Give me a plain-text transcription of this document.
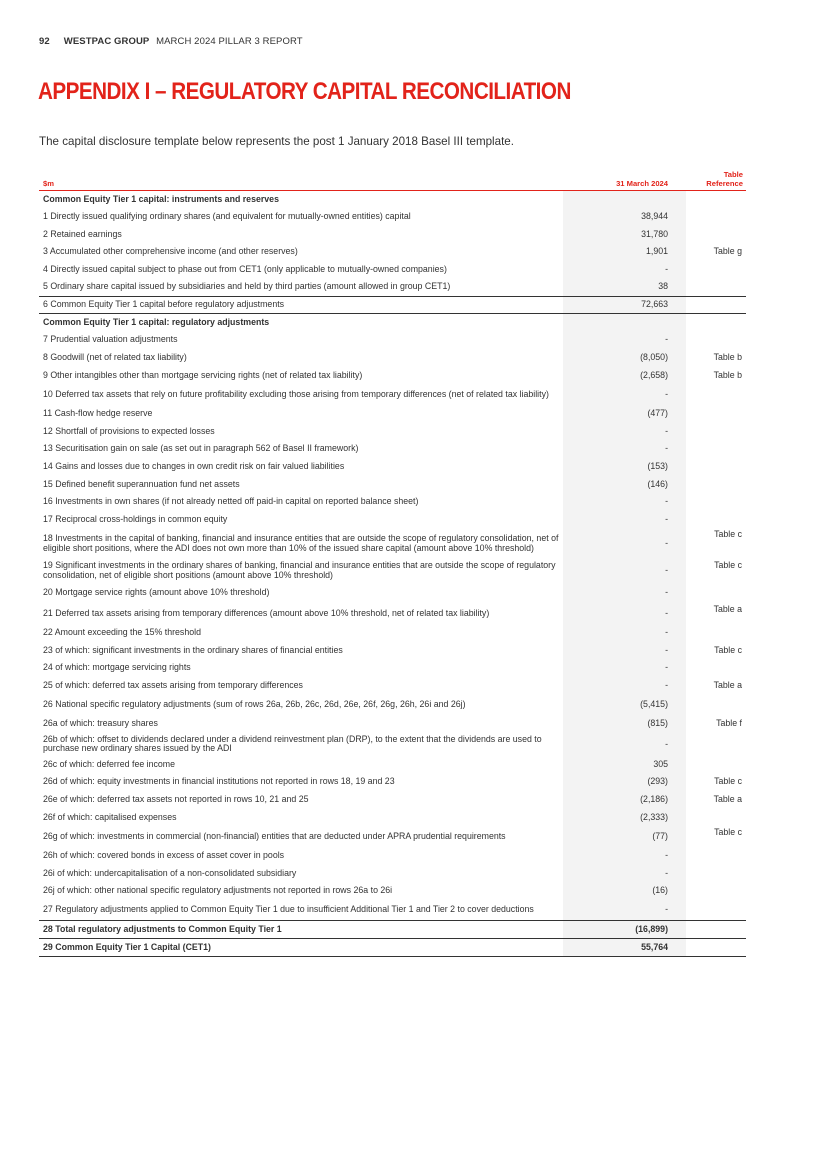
92 WESTPAC GROUP MARCH 2024 PILLAR 3 REPORT
APPENDIX I – REGULATORY CAPITAL RECONCILIATION
The capital disclosure template below represents the post 1 January 2018 Basel III template.
$m	31 March 2024	Table
Reference
Common Equity Tier 1 capital: instruments and reserves		
1 Directly issued qualifying ordinary shares (and equivalent for mutually-owned entities) capital	38,944	
2 Retained earnings	31,780	
3 Accumulated other comprehensive income (and other reserves)	1,901	Table g
4 Directly issued capital subject to phase out from CET1 (only applicable to mutually-owned companies)	-	
5 Ordinary share capital issued by subsidiaries and held by third parties (amount allowed in group CET1)	38	
6 Common Equity Tier 1 capital before regulatory adjustments	72,663	
Common Equity Tier 1 capital: regulatory adjustments		
7 Prudential valuation adjustments	-	
8 Goodwill (net of related tax liability)	(8,050)	Table b
9 Other intangibles other than mortgage servicing rights (net of related tax liability)	(2,658)	Table b
10 Deferred tax assets that rely on future profitability excluding those arising from temporary differences (net of related tax liability)	-	
11 Cash-flow hedge reserve	(477)	
12 Shortfall of provisions to expected losses	-	
13 Securitisation gain on sale (as set out in paragraph 562 of Basel II framework)	-	
14 Gains and losses due to changes in own credit risk on fair valued liabilities	(153)	
15 Defined benefit superannuation fund net assets	(146)	
16 Investments in own shares (if not already netted off paid-in capital on reported balance sheet)	-	
17 Reciprocal cross-holdings in common equity	-	
18 Investments in the capital of banking, financial and insurance entities that are outside the scope of regulatory consolidation, net of eligible short positions, where the ADI does not own more than 10% of the issued share capital (amount above 10% threshold)	-	Table c
19 Significant investments in the ordinary shares of banking, financial and insurance entities that are outside the scope of regulatory consolidation, net of eligible short positions (amount above 10% threshold)	-	Table c
20 Mortgage service rights (amount above 10% threshold)	-	
21 Deferred tax assets arising from temporary differences (amount above 10% threshold, net of related tax liability)	-	Table a
22 Amount exceeding the 15% threshold	-	
23 of which: significant investments in the ordinary shares of financial entities	-	Table c
24 of which: mortgage servicing rights	-	
25 of which: deferred tax assets arising from temporary differences	-	Table a
26 National specific regulatory adjustments (sum of rows 26a, 26b, 26c, 26d, 26e, 26f, 26g, 26h, 26i and 26j)	(5,415)	
26a of which: treasury shares	(815)	Table f
26b of which: offset to dividends declared under a dividend reinvestment plan (DRP), to the extent that the dividends are used to purchase new ordinary shares issued by the ADI	-	
26c of which: deferred fee income	305	
26d of which: equity investments in financial institutions not reported in rows 18, 19 and 23	(293)	Table c
26e of which: deferred tax assets not reported in rows 10, 21 and 25	(2,186)	Table a
26f of which: capitalised expenses	(2,333)	
26g of which: investments in commercial (non-financial) entities that are deducted under APRA prudential requirements	(77)	Table c
26h of which: covered bonds in excess of asset cover in pools	-	
26i of which: undercapitalisation of a non-consolidated subsidiary	-	
26j of which: other national specific regulatory adjustments not reported in rows 26a to 26i	(16)	
27 Regulatory adjustments applied to Common Equity Tier 1 due to insufficient Additional Tier 1 and Tier 2 to cover deductions	-	
28 Total regulatory adjustments to Common Equity Tier 1	(16,899)	
29 Common Equity Tier 1 Capital (CET1)	55,764	
